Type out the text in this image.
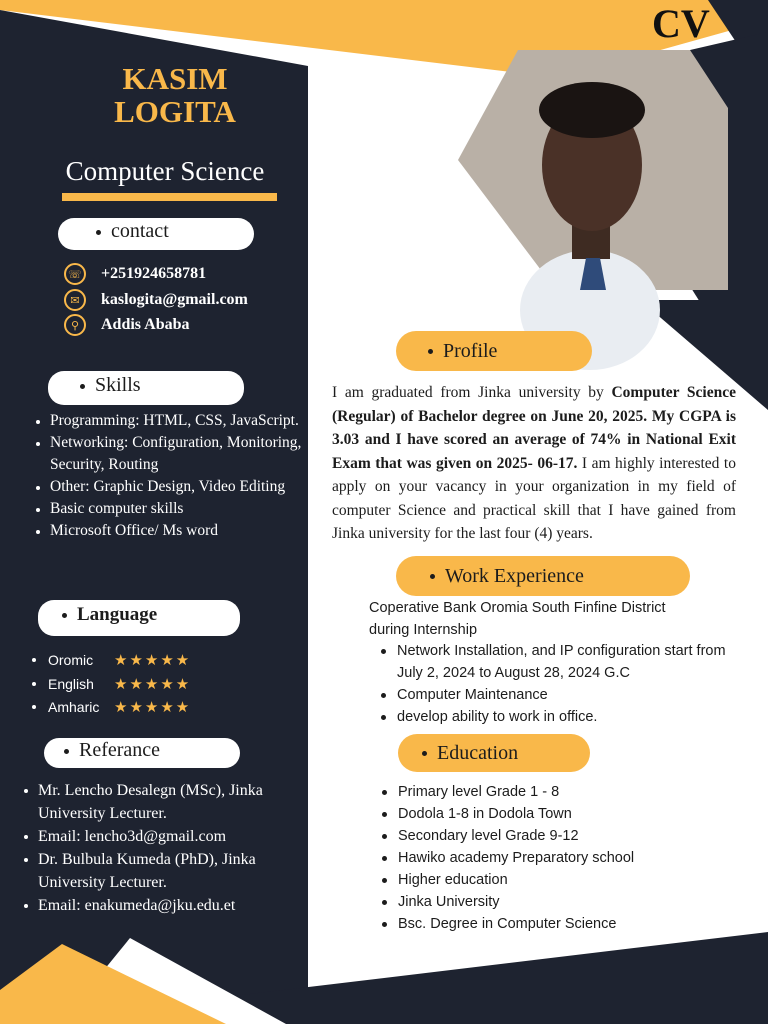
KASIM
LOGITA
Computer Science
contact
☏ +251924658781
✉	kaslogita@gmail.com
⚲	Addis Ababa
Skills
Programming: HTML, CSS, JavaScript.
Networking: Configuration, Monitoring, Security, Routing
Other: Graphic Design, Video Editing
Basic computer skills
Microsoft Office/ Ms word
Language
Oromic	★★★★★
English	★★★★★
Amharic ★★★★★
Referance
Mr. Lencho Desalegn (MSc), Jinka University Lecturer.
Email: lencho3d@gmail.com
Dr. Bulbula Kumeda (PhD), Jinka University Lecturer.
Email: enakumeda@jku.edu.et
CV
Profile
I am graduated from Jinka university by Computer Science (Regular) of Bachelor degree on June 20, 2025. My CGPA is 3.03 and I have scored an average of 74% in National Exit Exam that was given on 2025- 06-17. I am highly interested to apply on your vacancy in your organization in my field of computer Science and practical skill that I have gained from Jinka university for the last four (4) years.
Work Experience
Coperative Bank Oromia South Finfine District
during Internship
Network Installation, and IP configuration start from July 2, 2024 to August 28, 2024 G.C
Computer Maintenance
develop ability to work in office.
Education
Primary level Grade 1 - 8
Dodola 1-8 in Dodola Town
Secondary level Grade 9-12
Hawiko academy Preparatory school
Higher education
Jinka University
Bsc. Degree in Computer Science
